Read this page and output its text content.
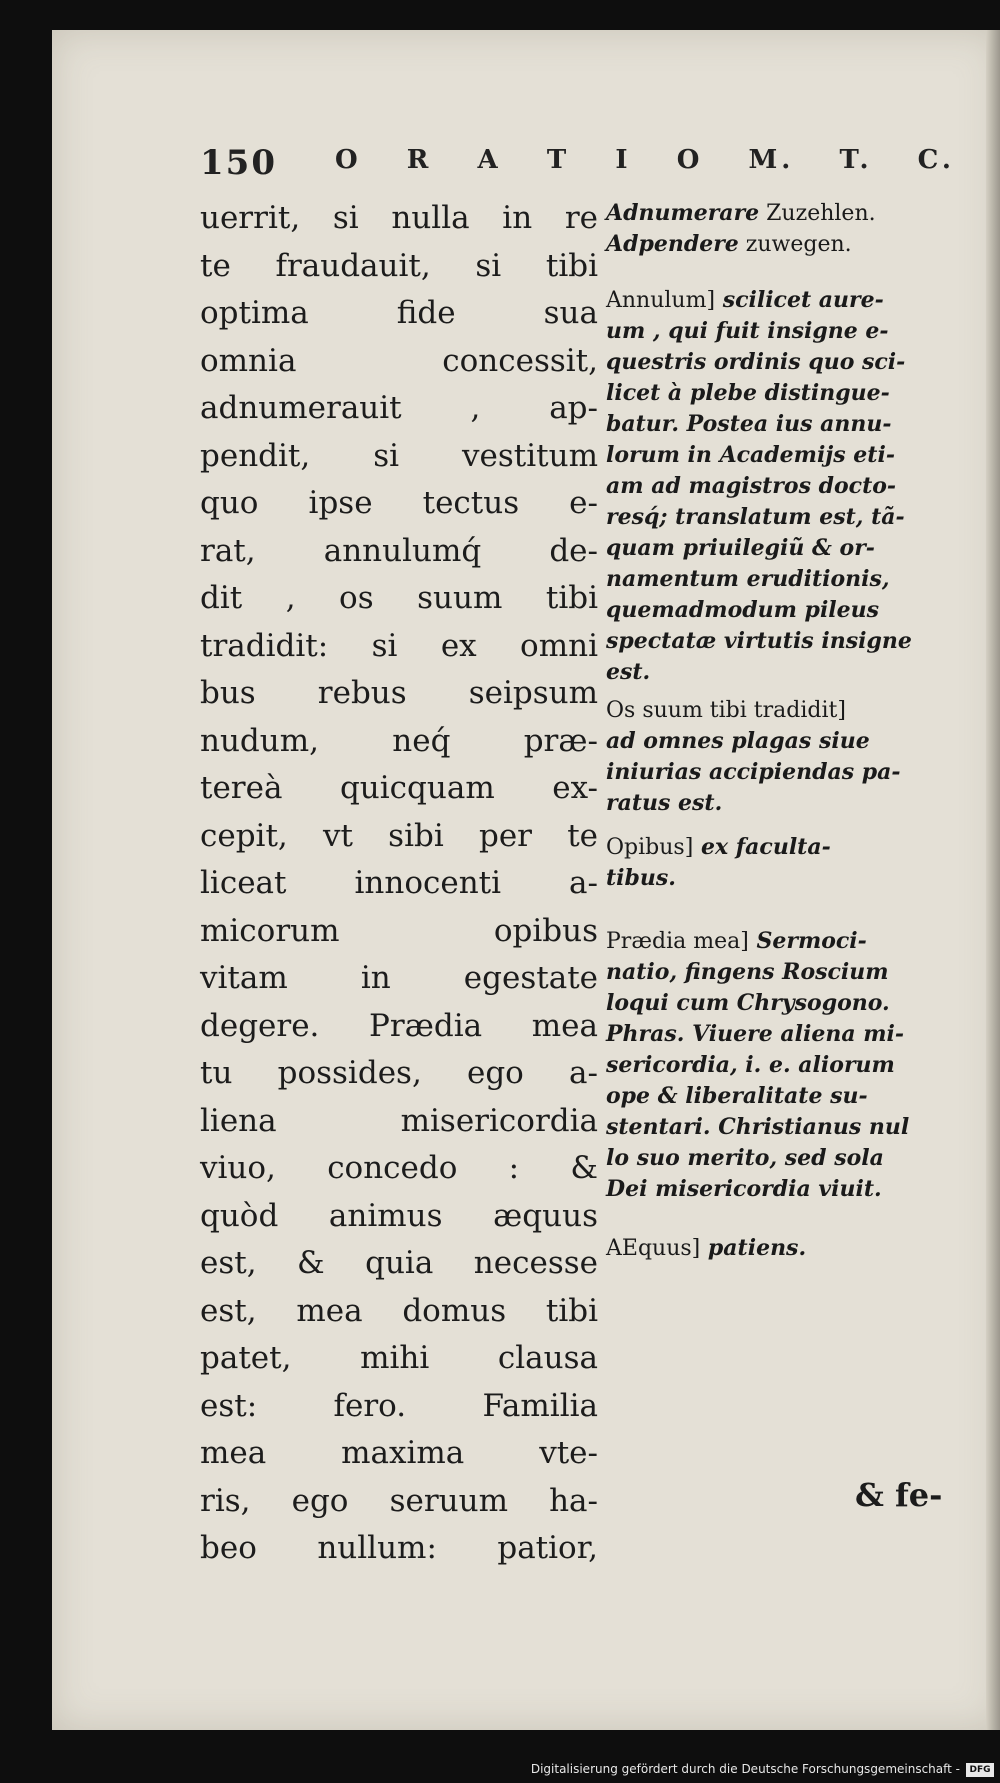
150 O R A T I O M. T. C.
uerrit, si nulla in re
te fraudauit, si tibi
optima fide sua
omnia concessit,
adnumerauit , ap-
pendit, si vestitum
quo ipse tectus e-
rat, annulumq́ de-
dit , os suum tibi
tradidit: si ex omni
bus rebus seipsum
nudum, neq́ præ-
tereà quicquam ex-
cepit, vt sibi per te
liceat innocenti a-
micorum opibus
vitam in egestate
degere. Prædia mea
tu possides, ego a-
liena misericordia
viuo, concedo : &
quòd animus æquus
est, & quia necesse
est, mea domus tibi
patet, mihi clausa
est: fero. Familia
mea maxima vte-
ris, ego seruum ha-
beo nullum: patior,
Adnumerare Zuzehlen.
Adpendere zuwegen.
Annulum] scilicet aure-
um , qui fuit insigne e-
questris ordinis quo sci-
licet à plebe distingue-
batur. Postea ius annu-
lorum in Academijs eti-
am ad magistros docto-
resq́; translatum est, tã-
quam priuilegiũ & or-
namentum eruditionis,
quemadmodum pileus
spectatæ virtutis insigne
est.
Os suum tibi tradidit]
ad omnes plagas siue
iniurias accipiendas pa-
ratus est.
Opibus] ex faculta-
tibus.
Prædia mea] Sermoci-
natio, fingens Roscium
loqui cum Chrysogono.
Phras. Viuere aliena mi-
sericordia, i. e. aliorum
ope & liberalitate su-
stentari. Christianus nul
lo suo merito, sed sola
Dei misericordia viuit.
AEquus] patiens.
& fe-
Digitalisierung gefördert durch die Deutsche Forschungsgemeinschaft -	DFG
